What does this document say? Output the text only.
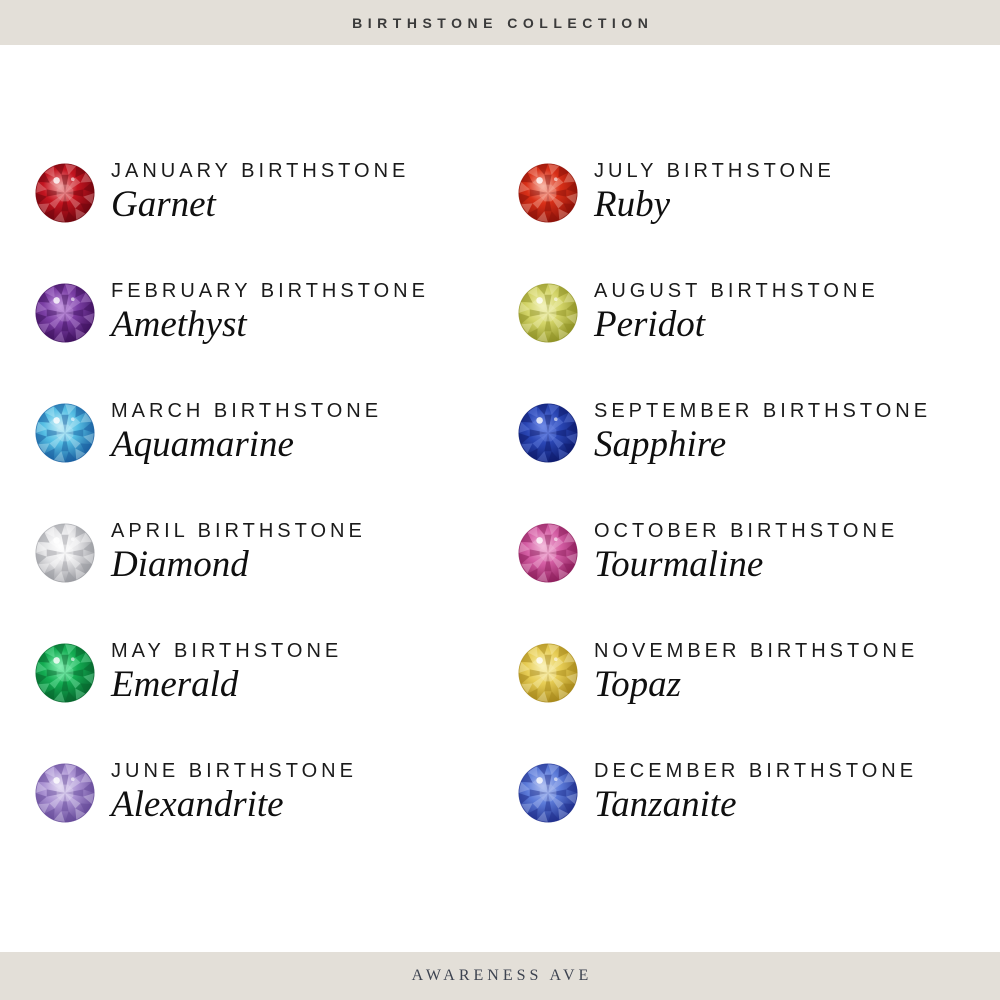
BIRTHSTONE COLLECTION
JANUARY BIRTHSTONE
Garnet
FEBRUARY BIRTHSTONE
Amethyst
MARCH BIRTHSTONE
Aquamarine
APRIL BIRTHSTONE
Diamond
MAY BIRTHSTONE
Emerald
JUNE BIRTHSTONE
Alexandrite
JULY BIRTHSTONE
Ruby
AUGUST BIRTHSTONE
Peridot
SEPTEMBER BIRTHSTONE
Sapphire
OCTOBER BIRTHSTONE
Tourmaline
NOVEMBER BIRTHSTONE
Topaz
DECEMBER BIRTHSTONE
Tanzanite
AWARENESS AVE
